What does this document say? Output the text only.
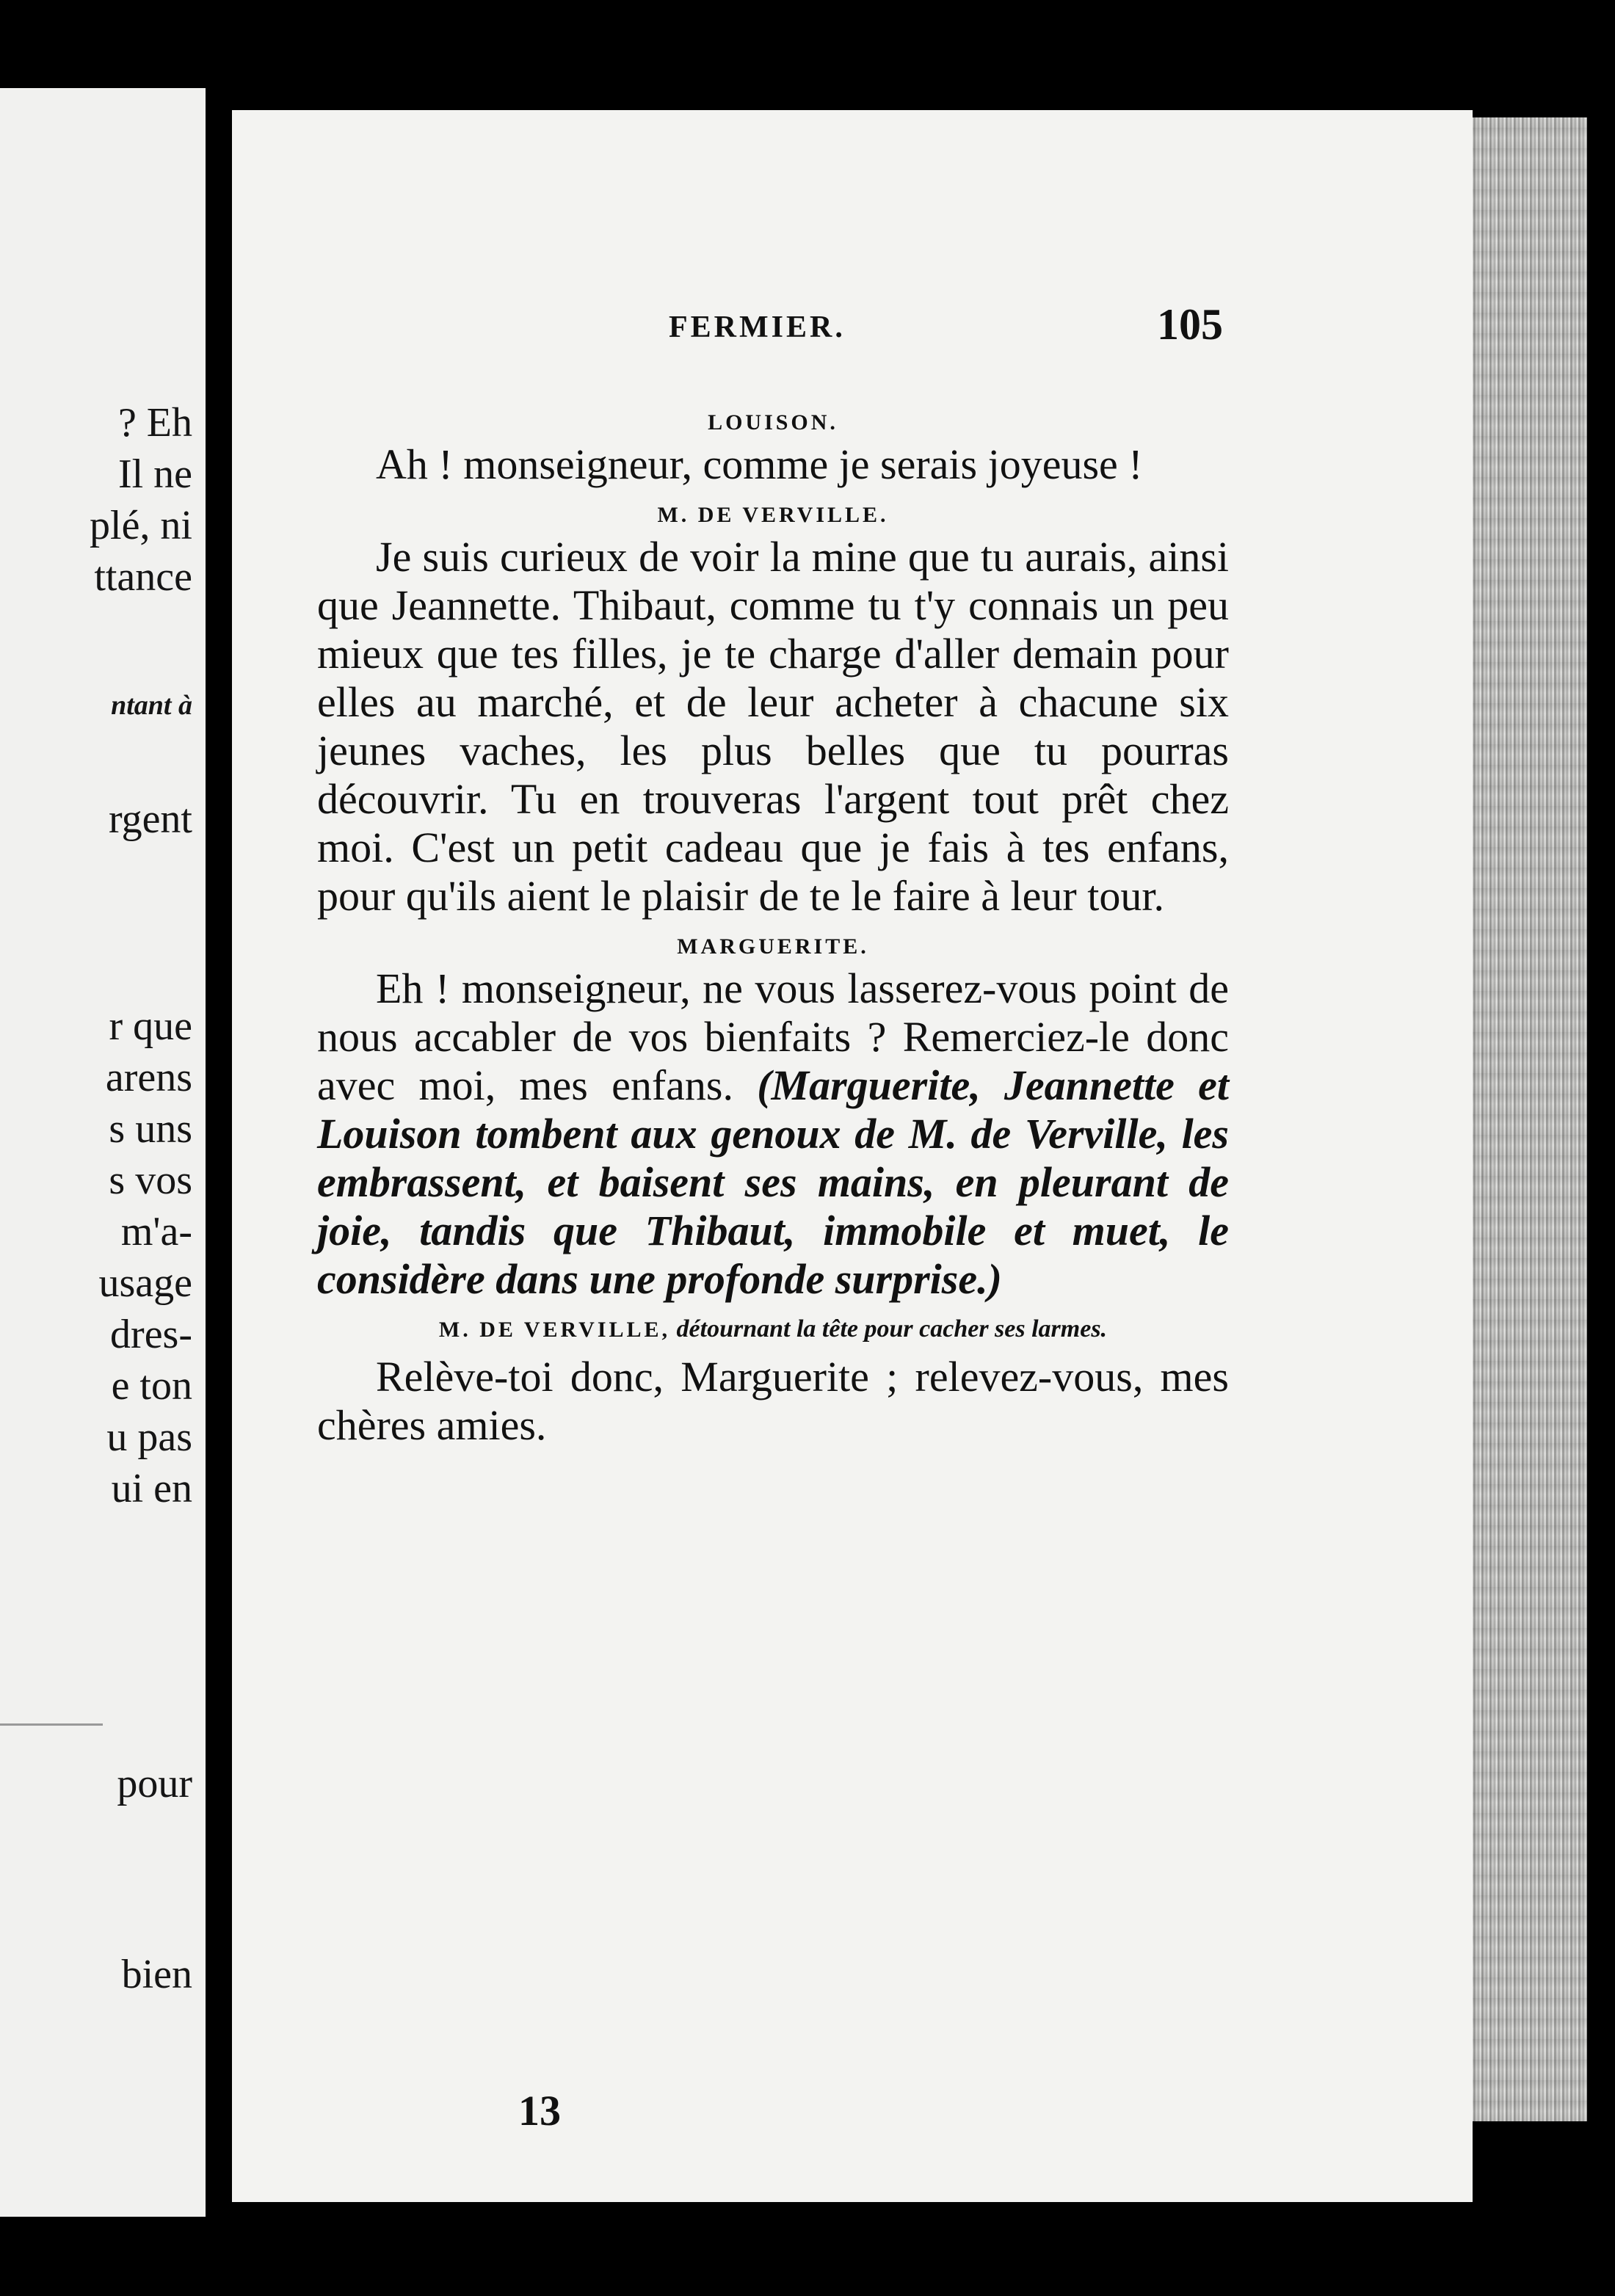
? Eh
Il ne
plé, ni
ttance
ntant à
rgent
r que
arens
s uns
s vos
m'a-
usage
dres-
e ton
u pas
ui en
pour
bien
FERMIER.	105

LOUISON.

Ah ! monseigneur, comme je serais joyeuse !

M. DE VERVILLE.

Je suis curieux de voir la mine que tu aurais, ainsi que Jeannette. Thibaut, comme tu t'y connais un peu mieux que tes filles, je te charge d'aller demain pour elles au marché, et de leur acheter à chacune six jeunes vaches, les plus belles que tu pourras découvrir. Tu en trouveras l'argent tout prêt chez moi. C'est un petit cadeau que je fais à tes enfans, pour qu'ils aient le plaisir de te le faire à leur tour.

MARGUERITE.

Eh ! monseigneur, ne vous lasserez-vous point de nous accabler de vos bienfaits ? Remerciez-le donc avec moi, mes enfans. (Marguerite, Jeannette et Louison tombent aux genoux de M. de Verville, les embrassent, et baisent ses mains, en pleurant de joie, tandis que Thibaut, immobile et muet, le considère dans une profonde surprise.)

M. DE VERVILLE, détournant la tête pour cacher ses larmes.

Relève-toi donc, Marguerite ; relevez-vous, mes chères amies.

13
